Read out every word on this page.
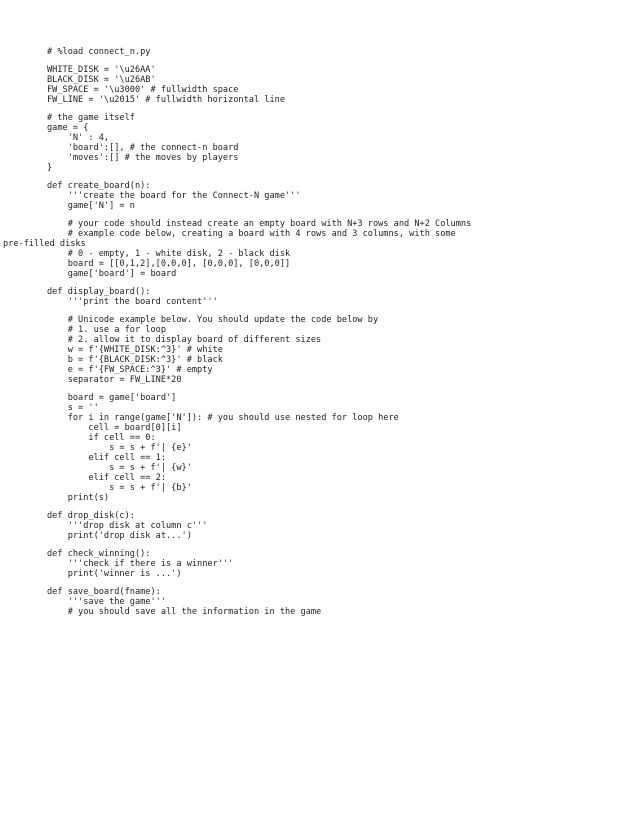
# %load connect_n.py
WHITE_DISK = '\u26AA'
BLACK_DISK = '\u26AB'
FW_SPACE = '\u3000' # fullwidth space
FW_LINE = '\u2015' # fullwidth horizontal line
# the game itself
game = {
'N' : 4,
'board':[], # the connect-n board
'moves':[] # the moves by players
}
def create_board(n):
'''create the board for the Connect-N game'''
game['N'] = n
# your code should instead create an empty board with N+3 rows and N+2 Columns
# example code below, creating a board with 4 rows and 3 columns, with some
pre-filled disks
# 0 - empty, 1 - white disk, 2 - black disk
board = [[0,1,2],[0,0,0], [0,0,0], [0,0,0]]
game['board'] = board
def display_board():
'''print the board content'''
# Unicode example below. You should update the code below by
# 1. use a for loop
# 2. allow it to display board of different sizes
w = f'{WHITE_DISK:^3}' # white
b = f'{BLACK_DISK:^3}' # black
e = f'{FW_SPACE:^3}' # empty
separator = FW_LINE*20
board = game['board']
s = ''
for i in range(game['N']): # you should use nested for loop here
cell = board[0][i]
if cell == 0:
s = s + f'| {e}'
elif cell == 1:
s = s + f'| {w}'
elif cell == 2:
s = s + f'| {b}'
print(s)
def drop_disk(c):
'''drop disk at column c'''
print('drop disk at...')
def check_winning():
'''check if there is a winner'''
print('winner is ...')
def save_board(fname):
'''save the game'''
# you should save all the information in the game
